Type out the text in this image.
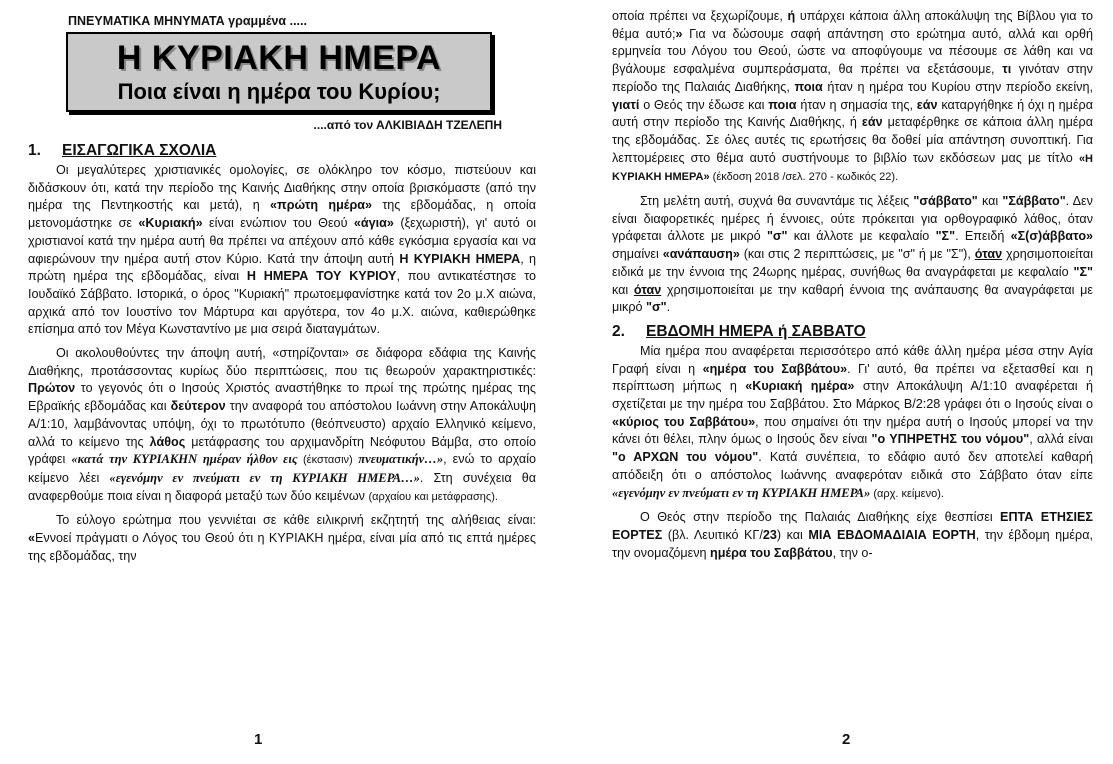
ΠΝΕΥΜΑΤΙΚΑ ΜΗΝΥΜΑΤΑ γραμμένα .....
Η ΚΥΡΙΑΚΗ ΗΜΕΡΑ
Ποια είναι η ημέρα του Κυρίου;
....από τον ΑΛΚΙΒΙΑΔΗ ΤΖΕΛΕΠΗ
1. ΕΙΣΑΓΩΓΙΚΑ ΣΧΟΛΙΑ

Οι μεγαλύτερες χριστιανικές ομολογίες, σε ολόκληρο τον κόσμο, πιστεύουν και διδάσκουν ότι, κατά την περίοδο της Καινής Διαθήκης στην οποία βρισκόμαστε (από την ημέρα της Πεντηκοστής και μετά), η «πρώτη ημέρα» της εβδομάδας, η οποία μετονομάστηκε σε «Κυριακή» είναι ενώπιον του Θεού «άγια» (ξεχωριστή), γι' αυτό οι χριστιανοί κατά την ημέρα αυτή θα πρέπει να απέχουν από κάθε εγκόσμια εργασία και να αφιερώνουν την ημέρα αυτή στον Κύριο. Κατά την άποψη αυτή Η ΚΥΡΙΑΚΗ ΗΜΕΡΑ, η πρώτη ημέρα της εβδομάδας, είναι Η ΗΜΕΡΑ ΤΟΥ ΚΥΡΙΟΥ, που αντικατέστησε το Ιουδαϊκό Σάββατο. Ιστορικά, ο όρος "Κυριακή" πρωτοεμφανίστηκε κατά τον 2ο μ.Χ αιώνα, αρχικά από τον Ιουστίνο τον Μάρτυρα και αργότερα, τον 4ο μ.Χ. αιώνα, καθιερώθηκε επίσημα από τον Μέγα Κωνσταντίνο με μια σειρά διαταγμάτων.

Οι ακολουθούντες την άποψη αυτή, «στηρίζονται» σε διάφορα εδάφια της Καινής Διαθήκης, προτάσσοντας κυρίως δύο περιπτώσεις, που τις θεωρούν χαρακτηριστικές: Πρώτον το γεγονός ότι ο Ιησούς Χριστός αναστήθηκε το πρωί της πρώτης ημέρας της Εβραϊκής εβδομάδας και δεύτερον την αναφορά του απόστολου Ιωάννη στην Αποκάλυψη Α/1:10, λαμβάνοντας υπόψη, όχι το πρωτότυπο (θεόπνευστο) αρχαίο Ελληνικό κείμενο, αλλά το κείμενο της λάθος μετάφρασης του αρχιμανδρίτη Νεόφυτου Βάμβα, στο οποίο γράφει «κατά την ΚΥΡΙΑΚΗΝ ημέραν ήλθον εις (έκστασιν) πνευματικήν…», ενώ το αρχαίο κείμενο λέει «εγενόμην εν πνεύματι εν τη ΚΥΡΙΑΚΗ ΗΜΕΡΑ…». Στη συνέχεια θα αναφερθούμε ποια είναι η διαφορά μεταξύ των δύο κειμένων (αρχαίου και μετάφρασης).

Το εύλογο ερώτημα που γεννιέται σε κάθε ειλικρινή εκζητητή της αλήθειας είναι: «Εννοεί πράγματι ο Λόγος του Θεού ότι η ΚΥΡΙΑΚΗ ημέρα, είναι μία από τις επτά ημέρες της εβδομάδας, την

1

οποία πρέπει να ξεχωρίζουμε, ή υπάρχει κάποια άλλη αποκάλυψη της Βίβλου για το θέμα αυτό;» Για να δώσουμε σαφή απάντηση στο ερώτημα αυτό, αλλά και ορθή ερμηνεία του Λόγου του Θεού, ώστε να αποφύγουμε να πέσουμε σε λάθη και να βγάλουμε εσφαλμένα συμπεράσματα, θα πρέπει να εξετάσουμε, τι γινόταν στην περίοδο της Παλαιάς Διαθήκης, ποια ήταν η ημέρα του Κυρίου στην περίοδο εκείνη, γιατί ο Θεός την έδωσε και ποια ήταν η σημασία της, εάν καταργήθηκε ή όχι η ημέρα αυτή στην περίοδο της Καινής Διαθήκης, ή εάν μεταφέρθηκε σε κάποια άλλη ημέρα της εβδομάδας. Σε όλες αυτές τις ερωτήσεις θα δοθεί μία απάντηση συνοπτική. Για λεπτομέρειες στο θέμα αυτό συστήνουμε το βιβλίο των εκδόσεων μας με τίτλο «Η ΚΥΡΙΑΚΗ ΗΜΕΡΑ» (έκδοση 2018 /σελ. 270 - κωδικός 22).

Στη μελέτη αυτή, συχνά θα συναντάμε τις λέξεις "σάββατο" και "Σάββατο". Δεν είναι διαφορετικές ημέρες ή έννοιες, ούτε πρόκειται για ορθογραφικό λάθος, όταν γράφεται άλλοτε με μικρό "σ" και άλλοτε με κεφαλαίο "Σ". Επειδή «Σ(σ)άββατο» σημαίνει «ανάπαυση» (και στις 2 περιπτώσεις, με "σ" ή με "Σ"), όταν χρησιμοποιείται ειδικά με την έννοια της 24ωρης ημέρας, συνήθως θα αναγράφεται με κεφαλαίο "Σ" και όταν χρησιμοποιείται με την καθαρή έννοια της ανάπαυσης θα αναγράφεται με μικρό "σ".

2. ΕΒΔΟΜΗ ΗΜΕΡΑ ή ΣΑΒΒΑΤΟ

Μία ημέρα που αναφέρεται περισσότερο από κάθε άλλη ημέρα μέσα στην Αγία Γραφή είναι η «ημέρα του Σαββάτου». Γι' αυτό, θα πρέπει να εξετασθεί και η περίπτωση μήπως η «Κυριακή ημέρα» στην Αποκάλυψη Α/1:10 αναφέρεται ή σχετίζεται με την ημέρα του Σαββάτου. Στο Μάρκος Β/2:28 γράφει ότι ο Ιησούς είναι ο «κύριος του Σαββάτου», που σημαίνει ότι την ημέρα αυτή ο Ιησούς μπορεί να την κάνει ότι θέλει, πλην όμως ο Ιησούς δεν είναι "ο ΥΠΗΡΕΤΗΣ του νόμου", αλλά είναι "ο ΑΡΧΩΝ του νόμου". Κατά συνέπεια, το εδάφιο αυτό δεν αποτελεί καθαρή απόδειξη ότι ο απόστολος Ιωάννης αναφερόταν ειδικά στο Σάββατο όταν είπε «εγενόμην εν πνεύματι εν τη ΚΥΡΙΑΚΗ ΗΜΕΡΑ» (αρχ. κείμενο).

Ο Θεός στην περίοδο της Παλαιάς Διαθήκης είχε θεσπίσει ΕΠΤΑ ΕΤΗΣΙΕΣ ΕΟΡΤΕΣ (βλ. Λευιτικό ΚΓ/23) και ΜΙΑ ΕΒΔΟΜΑΔΙΑΙΑ ΕΟΡΤΗ, την έβδομη ημέρα, την ονομαζόμενη ημέρα του Σαββάτου, την ο-

2
